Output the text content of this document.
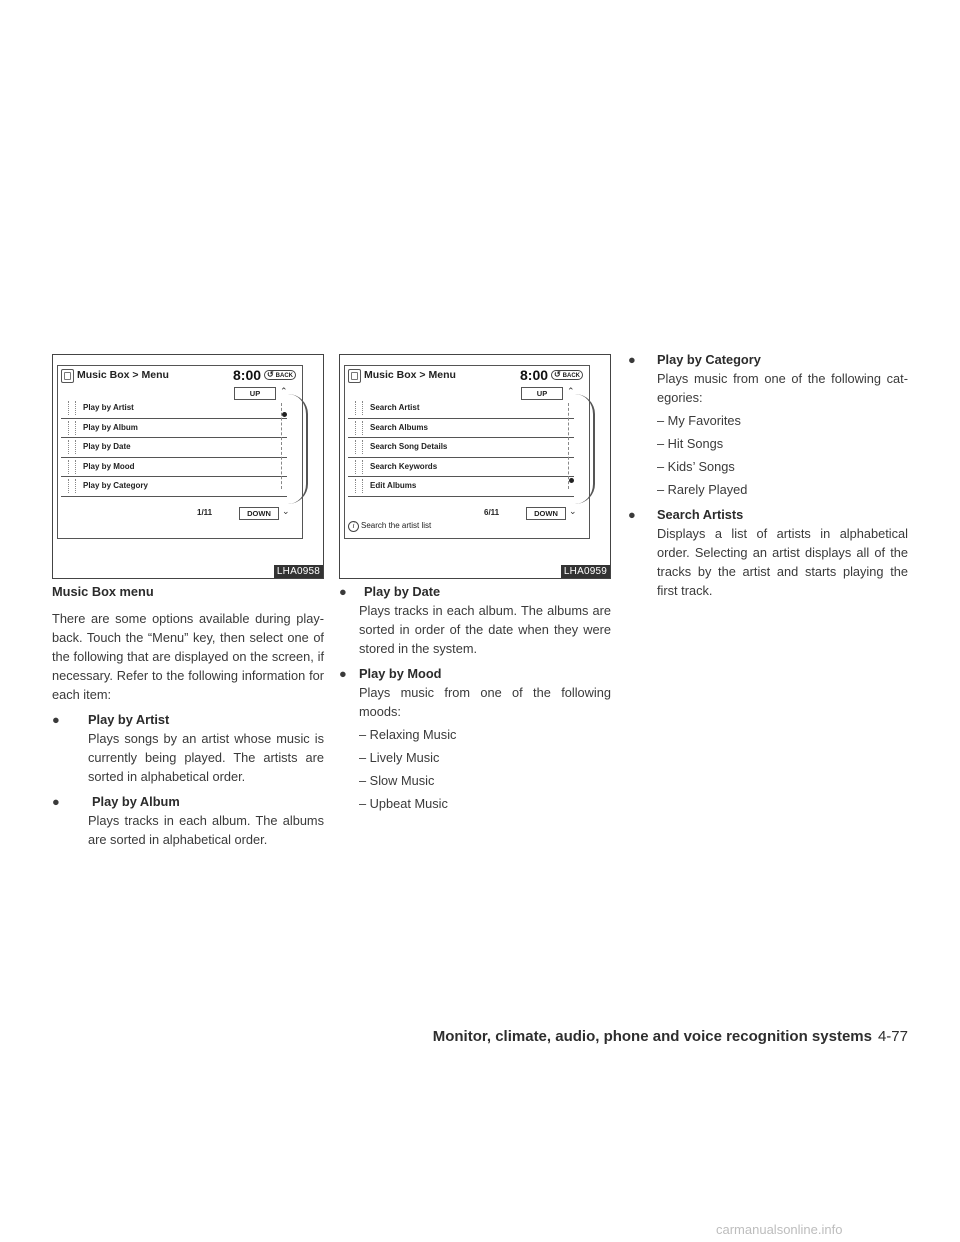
Music Box > Menu	8:00	↺ BACK
UP	⌃
Play by Artist
Play by Album
Play by Date
Play by Mood
Play by Category
1/11	DOWN	⌄
LHA0958
Music Box > Menu	8:00	↺ BACK
UP	⌃
Search Artist
Search Albums
Search Song Details
Search Keywords
Edit Albums
6/11	DOWN	⌄
i Search the artist list
LHA0959
Music Box menu
There are some options available during play-back. Touch the “Menu” key, then select one of the following that are displayed on the screen, if necessary. Refer to the following information for each item:
●	Play by Artist
Plays songs by an artist whose music is currently being played. The artists are sorted in alphabetical order.
●	Play by Album
Plays tracks in each album. The albums are sorted in alphabetical order.
●	Play by Date
Plays tracks in each album. The albums are sorted in order of the date when they were stored in the system.
● Play by Mood
Plays music from one of the following moods:
– Relaxing Music
– Lively Music
– Slow Music
– Upbeat Music
●	Play by Category
Plays music from one of the following cat-egories:
– My Favorites
– Hit Songs
– Kids’ Songs
– Rarely Played
●	Search Artists
Displays a list of artists in alphabetical order. Selecting an artist displays all of the tracks by the artist and starts playing the first track.
Monitor, climate, audio, phone and voice recognition systems 4-77
carmanualsonline.info
